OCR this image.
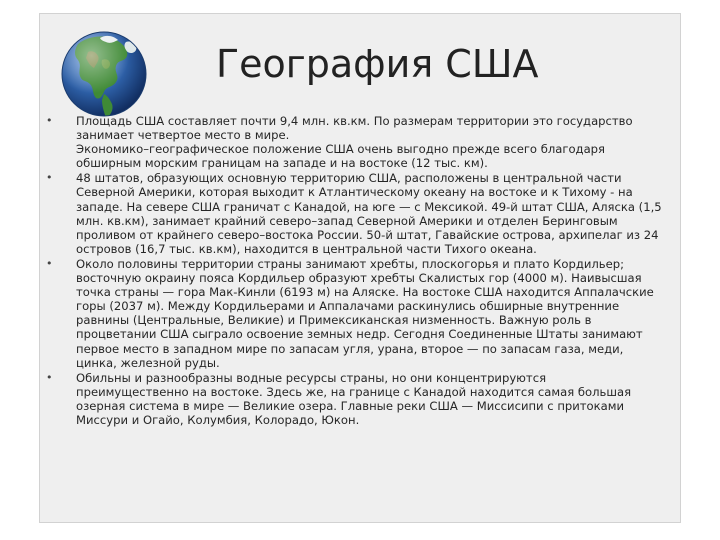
География США
• Площадь США составляет почти 9,4 млн. кв.км. По размерам территории это государство
занимает четвертое место в мире.
Экономико–географическое положение США очень выгодно прежде всего благодаря
обширным морским границам на западе и на востоке (12 тыс. км).
• 48 штатов, образующих основную территорию США, расположены в центральной части
Северной Америки, которая выходит к Атлантическому океану на востоке и к Тихому - на
западе. На севере США граничат с Канадой, на юге — с Мексикой. 49-й штат США, Аляска (1,5
млн. кв.км), занимает крайний северо–запад Северной Америки и отделен Беринговым
проливом от крайнего северо–востока России. 50-й штат, Гавайские острова, архипелаг из 24
островов (16,7 тыс. кв.км), находится в центральной части Тихого океана.
• Около половины территории страны занимают хребты, плоскогорья и плато Кордильер;
восточную окраину пояса Кордильер образуют хребты Скалистых гор (4000 м). Наивысшая
точка страны — гора Мак-Кинли (6193 м) на Аляске. На востоке США находится Аппалачские
горы (2037 м). Между Кордильерами и Аппалачами раскинулись обширные внутренние
равнины (Центральные, Великие) и Примексиканская низменность. Важную роль в
процветании США сыграло освоение земных недр. Сегодня Соединенные Штаты занимают
первое место в западном мире по запасам угля, урана, второе — по запасам газа, меди,
цинка, железной руды.
• Обильны и разнообразны водные ресурсы страны, но они концентрируются
преимущественно на востоке. Здесь же, на границе с Канадой находится самая большая
озерная система в мире — Великие озера. Главные реки США — Миссисипи с притоками
Миссури и Огайо, Колумбия, Колорадо, Юкон.
